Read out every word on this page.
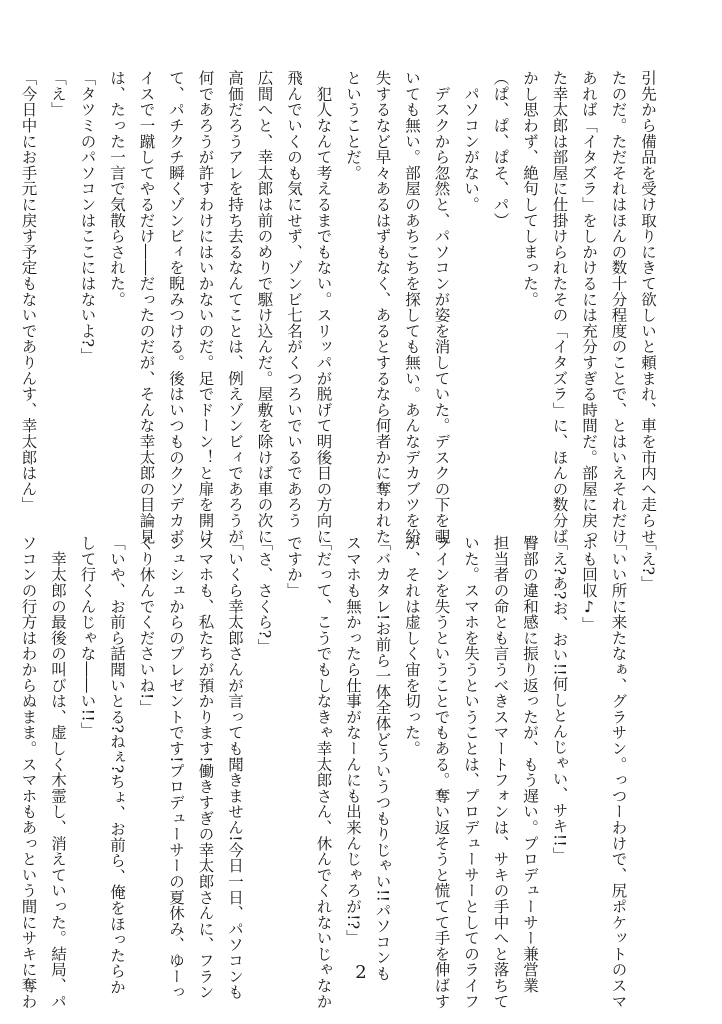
引先から備品を受け取りにきて欲しいと頼まれ、車を市内へ走らせ

たのだ。ただそれはほんの数十分程度のことで、とはいえそれだけ

あれば「イタズラ」をしかけるには充分すぎる時間だ。部屋に戻っ

た幸太郎は部屋に仕掛けられたその「イタズラ」に、ほんの数分ば

かし思わず、絶句してしまった。

（ぱ、ぱ、ぱそ、パ）

　パソコンがない。

　デスクから忽然と、パソコンが姿を消していた。デスクの下を覗

いても無い。部屋のあちこちを探しても無い。あんなデカブツを紛

失するなど早々あるはずもなく、あるとするなら何者かに奪われた

ということだ。

　犯人なんて考えるまでもない。スリッパが脱げて明後日の方向に

飛んでいくのも気にせず、ゾンビ七名がくつろいでいるであろう

広間へと、幸太郎は前のめりで駆け込んだ。屋敷を除けば車の次に

高価だろうアレを持ち去るなんてことは、例えゾンビィであろうが

何であろうが許すわけにはいかないのだ。足でドーン！と扉を開け

て、パチクチ瞬くゾンビィを睨みつける。後はいつものクソデカボ

イスで一蹴してやるだけ――だったのだが、そんな幸太郎の目論見

は、たった一言で気散らされた。

「タツミのパソコンはここにはないよ?」

「え」

「今日中にお手元に戻す予定もないでありんす、幸太郎はん」

「え?」

「いい所に来たなぁ、グラサン。っつーわけで、尻ポケットのスマ

ホも回収♪」

「え?あ?お、おい!!何しとんじゃい、サキ!!」

臀部の違和感に振り返ったが、もう遅い。プロデューサー兼営業

担当者の命とも言うべきスマートフォンは、サキの手中へと落ちて

いた。スマホを失うということは、プロデューサーとしてのライフ

ラインを失うということでもある。奪い返そうと慌てて手を伸ばす

が、それは虚しく宙を切った。

「バカタレ!お前ら一体全体どういうつもりじゃい!!パソコンも

スマホも無かったら仕事がなーんにも出来んじゃろが!?」

「だって、こうでもしなきゃ幸太郎さん、休んでくれないじゃなか

ですか」

「さ、さくら?」

「いくら幸太郎さんが言っても聞きません!今日一日、パソコンも

スマホも、私たちが預かります!働きすぎの幸太郎さんに、フラン

シュシュからのプレゼントです!プロデューサーの夏休み、ゆーっ

くり休んでくださいね!」

「いや、お前ら話聞いとる?ねぇ?ちょ、お前ら、俺をほったらか

して行くんじゃな――い!!」

　幸太郎の最後の叫びは、虚しく木霊し、消えていった。結局、パ

ソコンの行方はわからぬまま。スマホもあっという間にサキに奪わ	2
